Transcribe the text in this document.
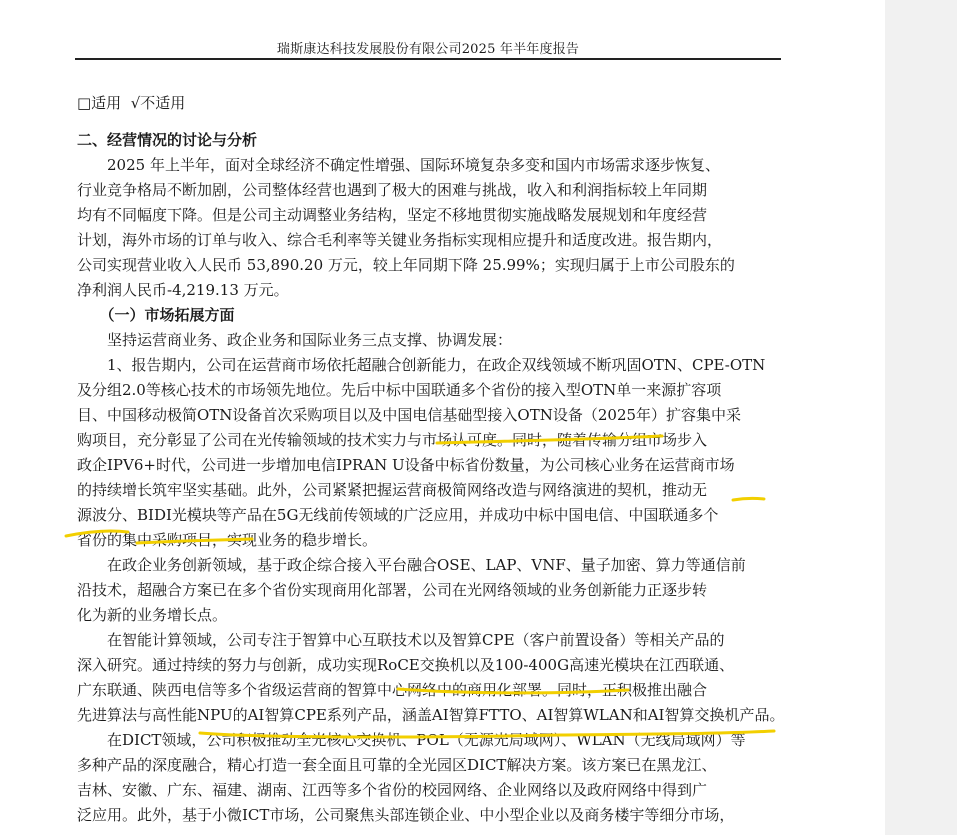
瑞斯康达科技发展股份有限公司2025 年半年度报告
□适用 √不适用
二、经营情况的讨论与分析
　　2025 年上半年，面对全球经济不确定性增强、国际环境复杂多变和国内市场需求逐步恢复、
行业竞争格局不断加剧，公司整体经营也遇到了极大的困难与挑战，收入和利润指标较上年同期
均有不同幅度下降。但是公司主动调整业务结构，坚定不移地贯彻实施战略发展规划和年度经营
计划，海外市场的订单与收入、综合毛利率等关键业务指标实现相应提升和适度改进。报告期内，
公司实现营业收入人民币 53,890.20 万元，较上年同期下降 25.99%；实现归属于上市公司股东的
净利润人民币-4,219.13 万元。
　　（一）市场拓展方面
　　坚持运营商业务、政企业务和国际业务三点支撑、协调发展：
　　1、报告期内，公司在运营商市场依托超融合创新能力，在政企双线领域不断巩固OTN、CPE-OTN
及分组2.0等核心技术的市场领先地位。先后中标中国联通多个省份的接入型OTN单一来源扩容项
目、中国移动极简OTN设备首次采购项目以及中国电信基础型接入OTN设备（2025年）扩容集中采
购项目，充分彰显了公司在光传输领域的技术实力与市场认可度。同时，随着传输分组市场步入
政企IPV6+时代，公司进一步增加电信IPRAN U设备中标省份数量，为公司核心业务在运营商市场
的持续增长筑牢坚实基础。此外，公司紧紧把握运营商极简网络改造与网络演进的契机，推动无
源波分、BIDI光模块等产品在5G无线前传领域的广泛应用，并成功中标中国电信、中国联通多个
省份的集中采购项目，实现业务的稳步增长。
　　在政企业务创新领域，基于政企综合接入平台融合OSE、LAP、VNF、量子加密、算力等通信前
沿技术，超融合方案已在多个省份实现商用化部署，公司在光网络领域的业务创新能力正逐步转
化为新的业务增长点。
　　在智能计算领域，公司专注于智算中心互联技术以及智算CPE（客户前置设备）等相关产品的
深入研究。通过持续的努力与创新，成功实现RoCE交换机以及100-400G高速光模块在江西联通、
广东联通、陕西电信等多个省级运营商的智算中心网络中的商用化部署。同时，正积极推出融合
先进算法与高性能NPU的AI智算CPE系列产品，涵盖AI智算FTTO、AI智算WLAN和AI智算交换机产品。
　　在DICT领域，公司积极推动全光核心交换机、POL（无源光局域网）、WLAN（无线局域网）等
多种产品的深度融合，精心打造一套全面且可靠的全光园区DICT解决方案。该方案已在黑龙江、
吉林、安徽、广东、福建、湖南、江西等多个省份的校园网络、企业网络以及政府网络中得到广
泛应用。此外，基于小微ICT市场，公司聚焦头部连锁企业、中小型企业以及商务楼宇等细分市场，
